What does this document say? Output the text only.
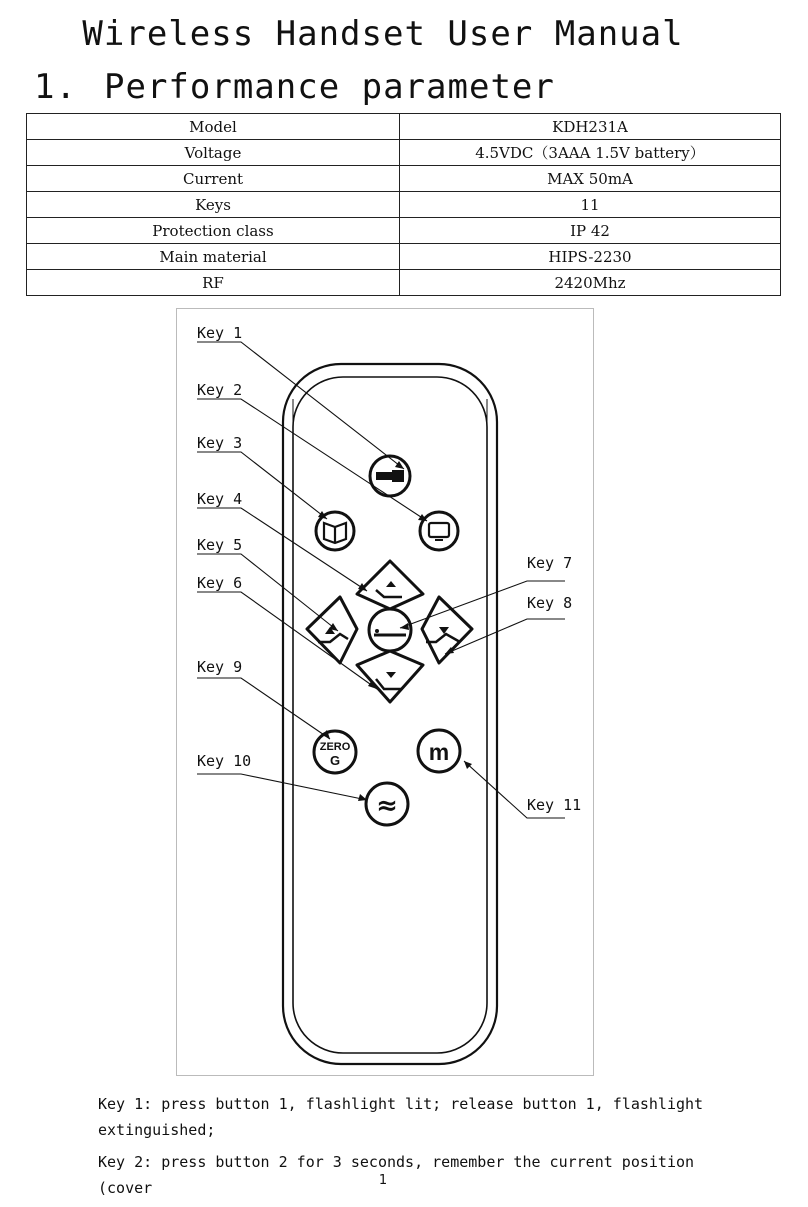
Wireless Handset User Manual
1. Performance parameter
Model	KDH231A
Voltage	4.5VDC（3AAA 1.5V battery）
Current	MAX 50mA
Keys	11
Protection class	IP 42
Main material	HIPS-2230
RF	2420Mhz
ZERO
G	m
≈
Key 1
Key 2
Key 3
Key 4
Key 5
Key 6
Key 7
Key 8
Key 9
Key 10
Key 11
Key 1: press button 1, flashlight lit; release button 1, flashlight extinguished;
Key 2: press button 2 for 3 seconds, remember the current position (cover	1
